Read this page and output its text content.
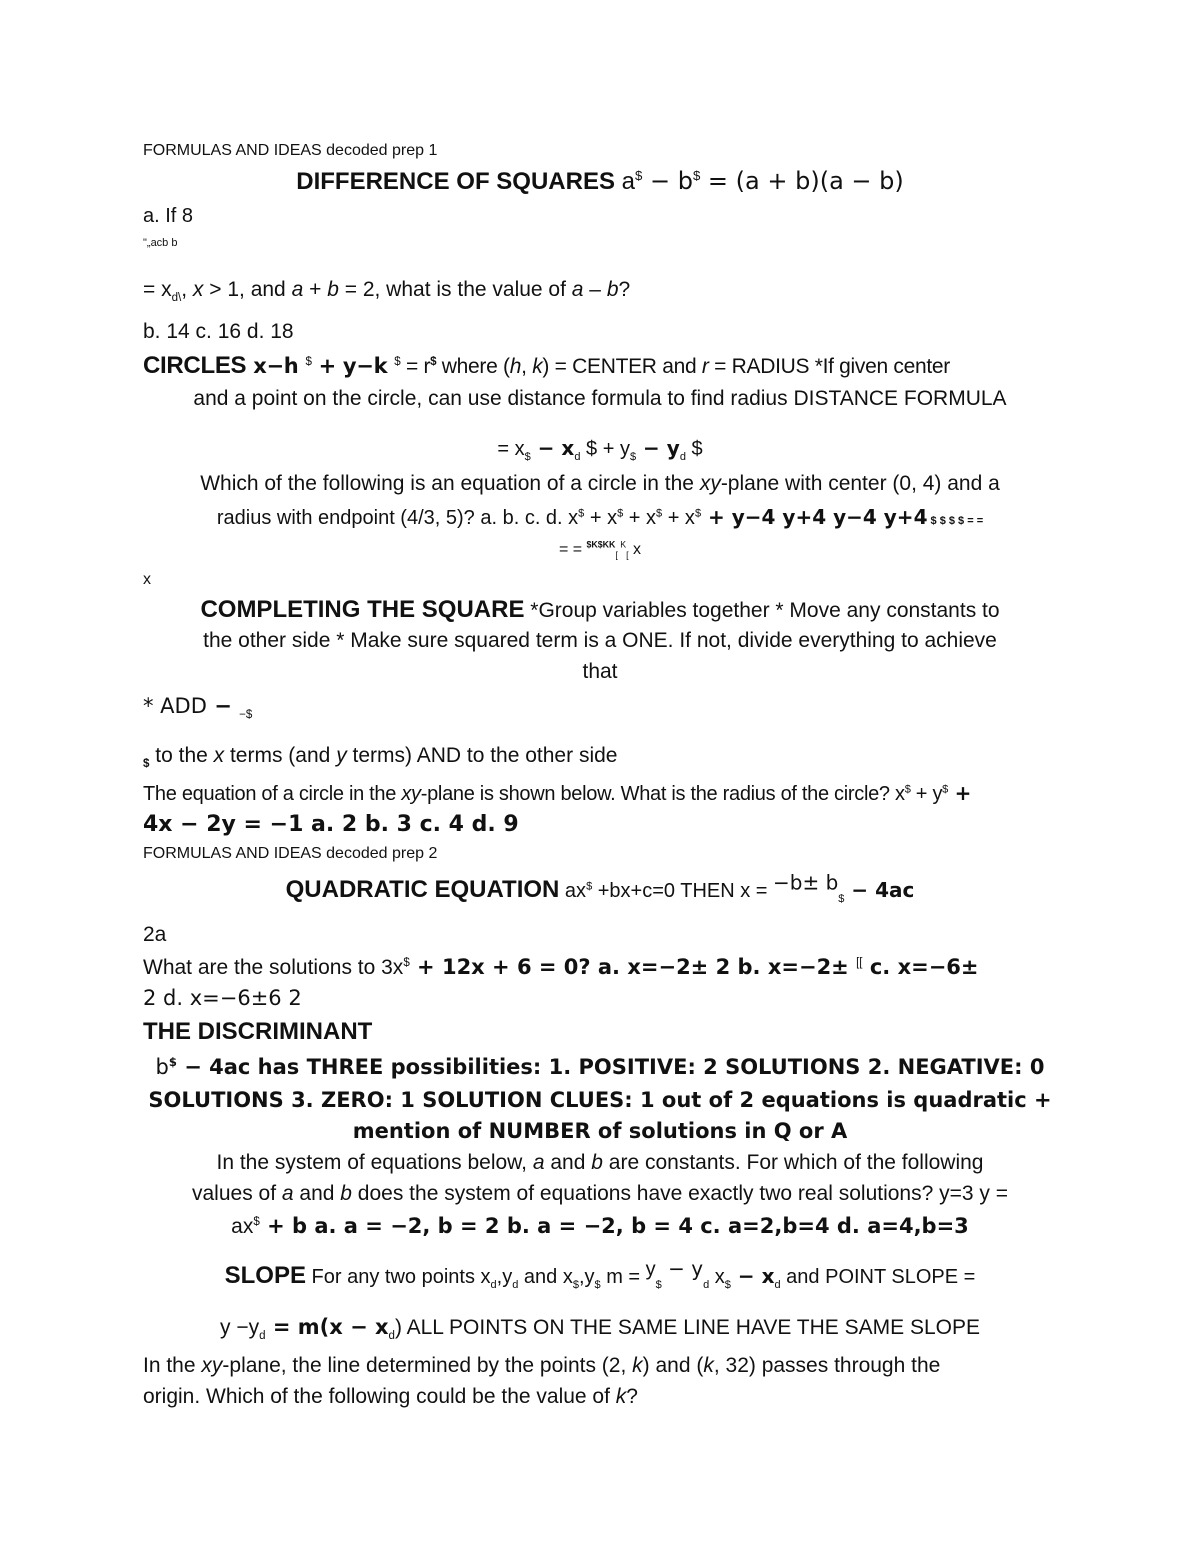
FORMULAS AND IDEAS decoded prep 1
DIFFERENCE OF SQUARES a$ − b$ = (a + b)(a − b)
a. If 8
"„acb b
= $x_{d\backslash}$, x > 1, and a + b = 2, what is the value of a – b?
b. 14 c. 16 d. 18
CIRCLES x−h $ + y−k $ = r$ where (h, k) = CENTER and r = RADIUS *If given center
and a point on the circle, can use distance formula to find radius DISTANCE FORMULA
= $x_{\$} - x_d$ $ + $y_{\$} - y_d$ $
Which of the following is an equation of a circle in the xy-plane with center (0, 4) and a
radius with endpoint (4/3, 5)? a. b. c. d. x$ + x$ + x$ + x$ + y−4 y+4 y−4 y+4 $ $ $ $ = =
= = $^{\$K\$KK}_[$ $^K_[$ x
x
COMPLETING THE SQUARE *Group variables together * Move any constants to
the other side * Make sure squared term is a ONE. If not, divide everything to achieve
that
* ADD − $_{-\$}$
$_{\$}$ to the x terms (and y terms) AND to the other side
The equation of a circle in the xy-plane is shown below. What is the radius of the circle? x$ + y$ +
4x − 2y = −1 a. 2 b. 3 c. 4 d. 9
FORMULAS AND IDEAS decoded prep 2
QUADRATIC EQUATION ax$ +bx+c=0 THEN x = $^{-b\pm b}_{\$}$ − 4ac
2a
What are the solutions to 3x$ + 12x + 6 = 0? a. x=−2± 2 b. x=−2± [[ c. x=−6±
2 d. x=−6±6 2
THE DISCRIMINANT
b$ − 4ac has THREE possibilities: 1. POSITIVE: 2 SOLUTIONS 2. NEGATIVE: 0
SOLUTIONS 3. ZERO: 1 SOLUTION CLUES: 1 out of 2 equations is quadratic +
mention of NUMBER of solutions in Q or A
In the system of equations below, a and b are constants. For which of the following
values of a and b does the system of equations have exactly two real solutions? y=3 y =
ax$ + b a. a = −2, b = 2 b. a = −2, b = 4 c. a=2,b=4 d. a=4,b=3
SLOPE For any two points $x_d,y_d$ and $x_{\$},y_{\$}$ m = $^y_{\$}$ $^{- y}_d$ $x_{\$} - x_d$ and POINT SLOPE =
$y -y_d = m(x - x_d)$ ALL POINTS ON THE SAME LINE HAVE THE SAME SLOPE
In the xy-plane, the line determined by the points (2, k) and (k, 32) passes through the
origin. Which of the following could be the value of k?
